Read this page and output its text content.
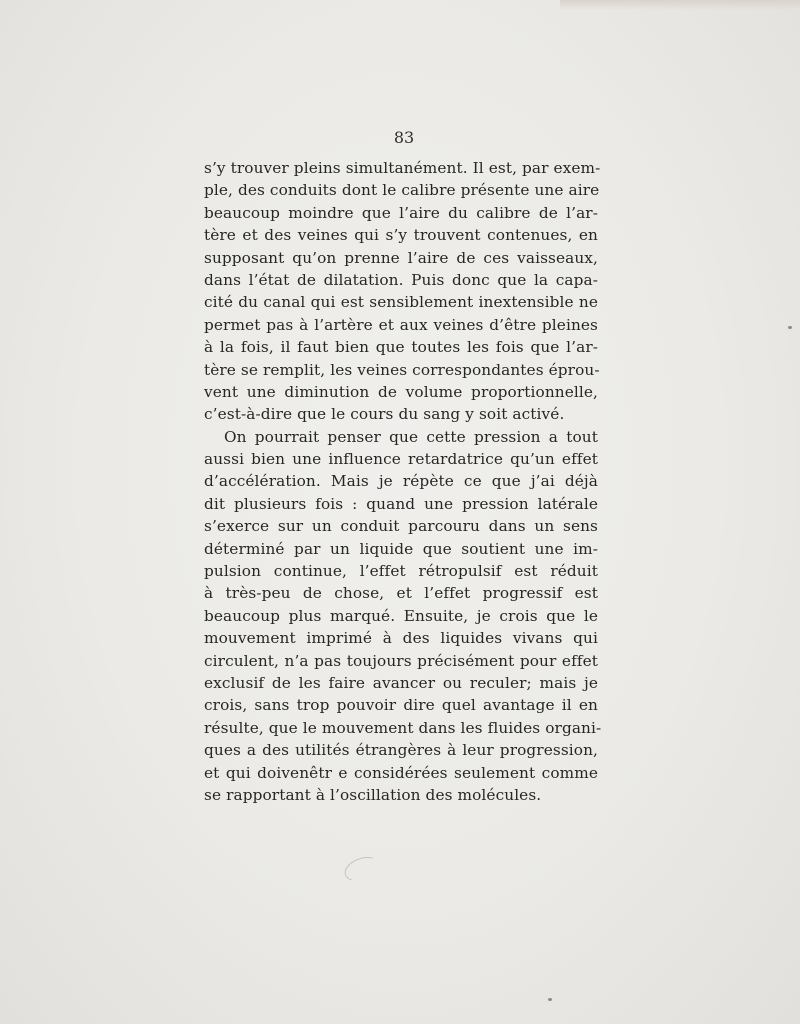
83
s’y trouver pleins simultanément. Il est, par exem-
ple, des conduits dont le calibre présente une aire
beaucoup moindre que l’aire du calibre de l’ar-
tère et des veines qui s’y trouvent contenues, en
supposant qu’on prenne l’aire de ces vaisseaux,
dans l’état de dilatation. Puis donc que la capa-
cité du canal qui est sensiblement inextensible ne
permet pas à l’artère et aux veines d’être pleines
à la fois, il faut bien que toutes les fois que l’ar-
tère se remplit, les veines correspondantes éprou-
vent une diminution de volume proportionnelle,
c’est-à-dire que le cours du sang y soit activé.
On pourrait penser que cette pression a tout
aussi bien une influence retardatrice qu’un effet
d’accélération. Mais je répète ce que j’ai déjà
dit plusieurs fois : quand une pression latérale
s’exerce sur un conduit parcouru dans un sens
déterminé par un liquide que soutient une im-
pulsion continue, l’effet rétropulsif est réduit
à très-peu de chose, et l’effet progressif est
beaucoup plus marqué. Ensuite, je crois que le
mouvement imprimé à des liquides vivans qui
circulent, n’a pas toujours précisément pour effet
exclusif de les faire avancer ou reculer; mais je
crois, sans trop pouvoir dire quel avantage il en
résulte, que le mouvement dans les fluides organi-
ques a des utilités étrangères à leur progression,
et qui doivenêtr e considérées seulement comme
se rapportant à l’oscillation des molécules.
